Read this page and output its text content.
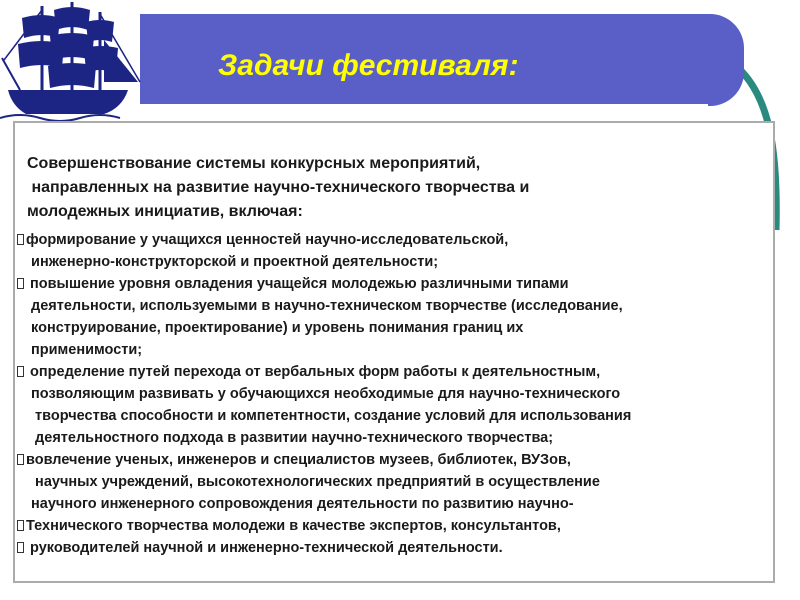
Задачи фестиваля:

Совершенствование системы конкурсных мероприятий,
направленных на развитие научно-технического творчества и
молодежных инициатив, включая:

формирование у учащихся ценностей научно-исследовательской,
инженерно-конструкторской и проектной деятельности;
повышение уровня овладения учащейся молодежью различными типами
деятельности, используемыми в научно-техническом творчестве (исследование,
конструирование, проектирование) и уровень понимания границ их
применимости;
определение путей перехода от вербальных форм работы к деятельностным,
позволяющим развивать у обучающихся необходимые для научно-технического
творчества способности и компетентности, создание условий для использования
деятельностного подхода в развитии научно-технического творчества;
вовлечение ученых, инженеров и специалистов музеев, библиотек, ВУЗов,
научных учреждений, высокотехнологических предприятий в осуществление
научного инженерного сопровождения деятельности по развитию научно-
Технического творчества молодежи в качестве экспертов, консультантов,
руководителей научной и инженерно-технической деятельности.
